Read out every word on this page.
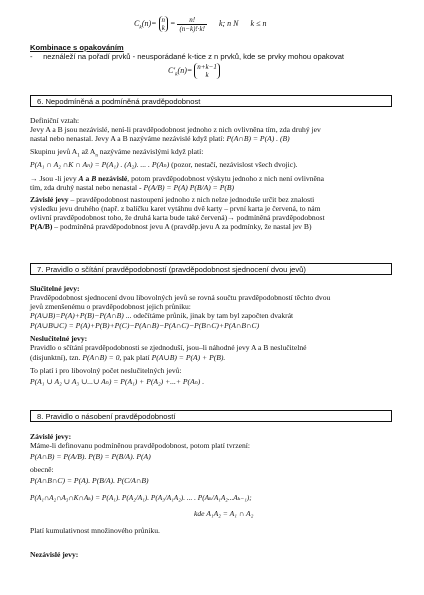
$C_k(n)= n$
k
= $\frac{n!}{(n-k)!\cdot k!} k$; n N k ≤ n
Kombinace s opakováním
-     neználeží na pořadí prvků - neusporádané k-tice z n prvků, kde se prvky mohou opakovat
$C'_k(n)= n+k-1$
k
6. Nepodmíněná a podmíněná pravděpodobnost
Definiční vztah:
Jevy A a B jsou nezávislé, není-li pravděpodobnost jednoho z nich ovlivněna tím, zda druhý jev
nastal nebo nenastal. Jevy A a B nazýváme nezávislé když platí: P(A∩B) = P(A) . (B)
Skupinu jevů $A_1$ až $A_n$ nazýváme nezávislými když platí:
P(A₁ ∩ A₂ ∩K ∩ Aₙ) = P(A₁) . (A₂). ... . P(Aₙ) (pozor, nestačí, nezávislost všech dvojic).
→ Jsou -li jevy A a B nezávislé, potom pravděpodobnost výskytu jednoho z nich není ovlivněna
tím, zda druhý nastal nebo nenastal - P(A/B) = P(A) P(B/A) = P(B)
Závislé jevy – pravděpodobnost nastoupení jednoho z nich nelze jednoduše určit bez znalosti
výsledku jevu druhého (např. z balíčku karet vytáhnu dvě karty – první karta je červená, to nám
ovlivní pravděpodobnost toho, že druhá karta bude také červená)→ podmíněná pravděpodobnost
P(A/B) – podmíněná pravděpodobnost jevu A (pravděp.jevu A za podmínky, že nastal jev B)
7. Pravidlo o sčítání pravděpodobností (pravděpodobnost sjednocení dvou jevů)
Slučitelné jevy:
Pravděpodobnost sjednocení dvou libovolných jevů se rovná součtu pravděpodobností těchto dvou
jevů zmenšenému o pravděpodobnost jejich průniku:
P(A∪B)=P(A)+P(B)−P(A∩B) ... odečítáme průnik, jinak by tam byl započten dvakrát
P(A∪B∪C) = P(A)+P(B)+P(C)−P(A∩B)−P(A∩C)−P(B∩C)+P(A∩B∩C)
Neslučitelné jevy:
Pravidlo o sčítání pravděpodobnosti se zjednoduší, jsou–li náhodné jevy A a B neslučitelné
(disjunktní), tzn. P(A∩B) = 0, pak platí P(A∪B) = P(A) + P(B).
To platí i pro libovolný počet neslučitelných jevů:
P(A₁ ∪ A₂ ∪ A₃ ∪...∪ Aₙ) = P(A₁) + P(A₂) +...+ P(Aₙ) .
8. Pravidlo o násobení pravděpodobností
Závislé jevy:
Máme-li definovanu podmíněnou pravděpodobnost, potom platí tvrzení:
P(A∩B) = P(A/B). P(B) = P(B/A). P(A)
obecně:
P(A∩B∩C) = P(A). P(B/A). P(C/A∩B)
P(A₁∩A₂∩A₃∩K∩Aₖ) = P(A₁). P(A₂/A₁). P(A₃/A₁A₂). ... . P(Aₖ/A₁A₂...Aₖ₋₁);
kde A₁A₂ = A₁ ∩ A₂
Platí kumulativnost množinového průniku.
Nezávislé jevy:
